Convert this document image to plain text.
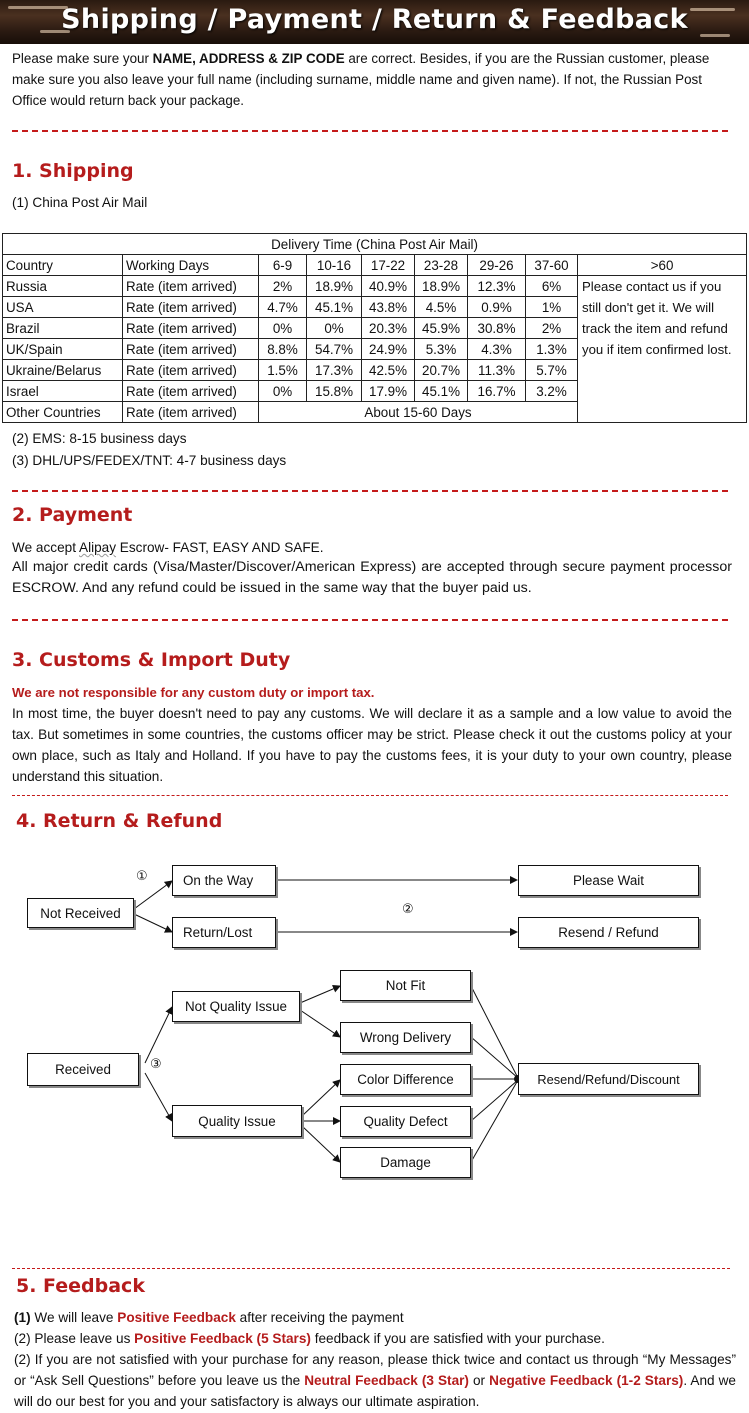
Shipping / Payment / Return & Feedback
Please make sure your NAME, ADDRESS & ZIP CODE are correct. Besides, if you are the Russian customer, please make sure you also leave your full name (including surname, middle name and given name). If not, the Russian Post Office would return back your package.
1. Shipping
(1) China Post Air Mail
Delivery Time (China Post Air Mail)								
Country	Working Days	6-9	10-16	17-22	23-28	29-26	37-60	>60
Russia	Rate (item arrived)	2%	18.9%	40.9%	18.9%	12.3%	6%	Please contact us if you still don't get it. We will track the item and refund you if item confirmed lost.
USA	Rate (item arrived)	4.7%	45.1%	43.8%	4.5%	0.9%	1%	
Brazil	Rate (item arrived)	0%	0%	20.3%	45.9%	30.8%	2%	
UK/Spain	Rate (item arrived)	8.8%	54.7%	24.9%	5.3%	4.3%	1.3%	
Ukraine/Belarus	Rate (item arrived)	1.5%	17.3%	42.5%	20.7%	11.3%	5.7%	
Israel	Rate (item arrived)	0%	15.8%	17.9%	45.1%	16.7%	3.2%	
Other Countries	Rate (item arrived)	About 15-60 Days						
(2) EMS: 8-15 business days
(3) DHL/UPS/FEDEX/TNT: 4-7 business days
2. Payment
We accept Alipay Escrow- FAST, EASY AND SAFE.
All major credit cards (Visa/Master/Discover/American Express) are accepted through secure payment processor ESCROW. And any refund could be issued in the same way that the buyer paid us.
3. Customs & Import Duty
We are not responsible for any custom duty or import tax.
In most time, the buyer doesn't need to pay any customs. We will declare it as a sample and a low value to avoid the tax. But sometimes in some countries, the customs officer may be strict. Please check it out the customs policy at your own place, such as Italy and Holland. If you have to pay the customs fees, it is your duty to your own country, please understand this situation.
4. Return & Refund
①
②
③
Not Received
On the Way
Return/Lost
Please Wait
Resend / Refund
Received
Not Quality Issue
Quality Issue
Not Fit
Wrong Delivery
Color Difference
Quality Defect
Damage
Resend/Refund/Discount
5. Feedback

(1) We will leave Positive Feedback after receiving the payment

(2) Please leave us Positive Feedback (5 Stars) feedback if you are satisfied with your purchase.

(2) If you are not satisfied with your purchase for any reason, please thick twice and contact us through “My Messages” or “Ask Sell Questions” before you leave us the Neutral Feedback (3 Star) or Negative Feedback (1-2 Stars). And we will do our best for you and your satisfactory is always our ultimate aspiration.
